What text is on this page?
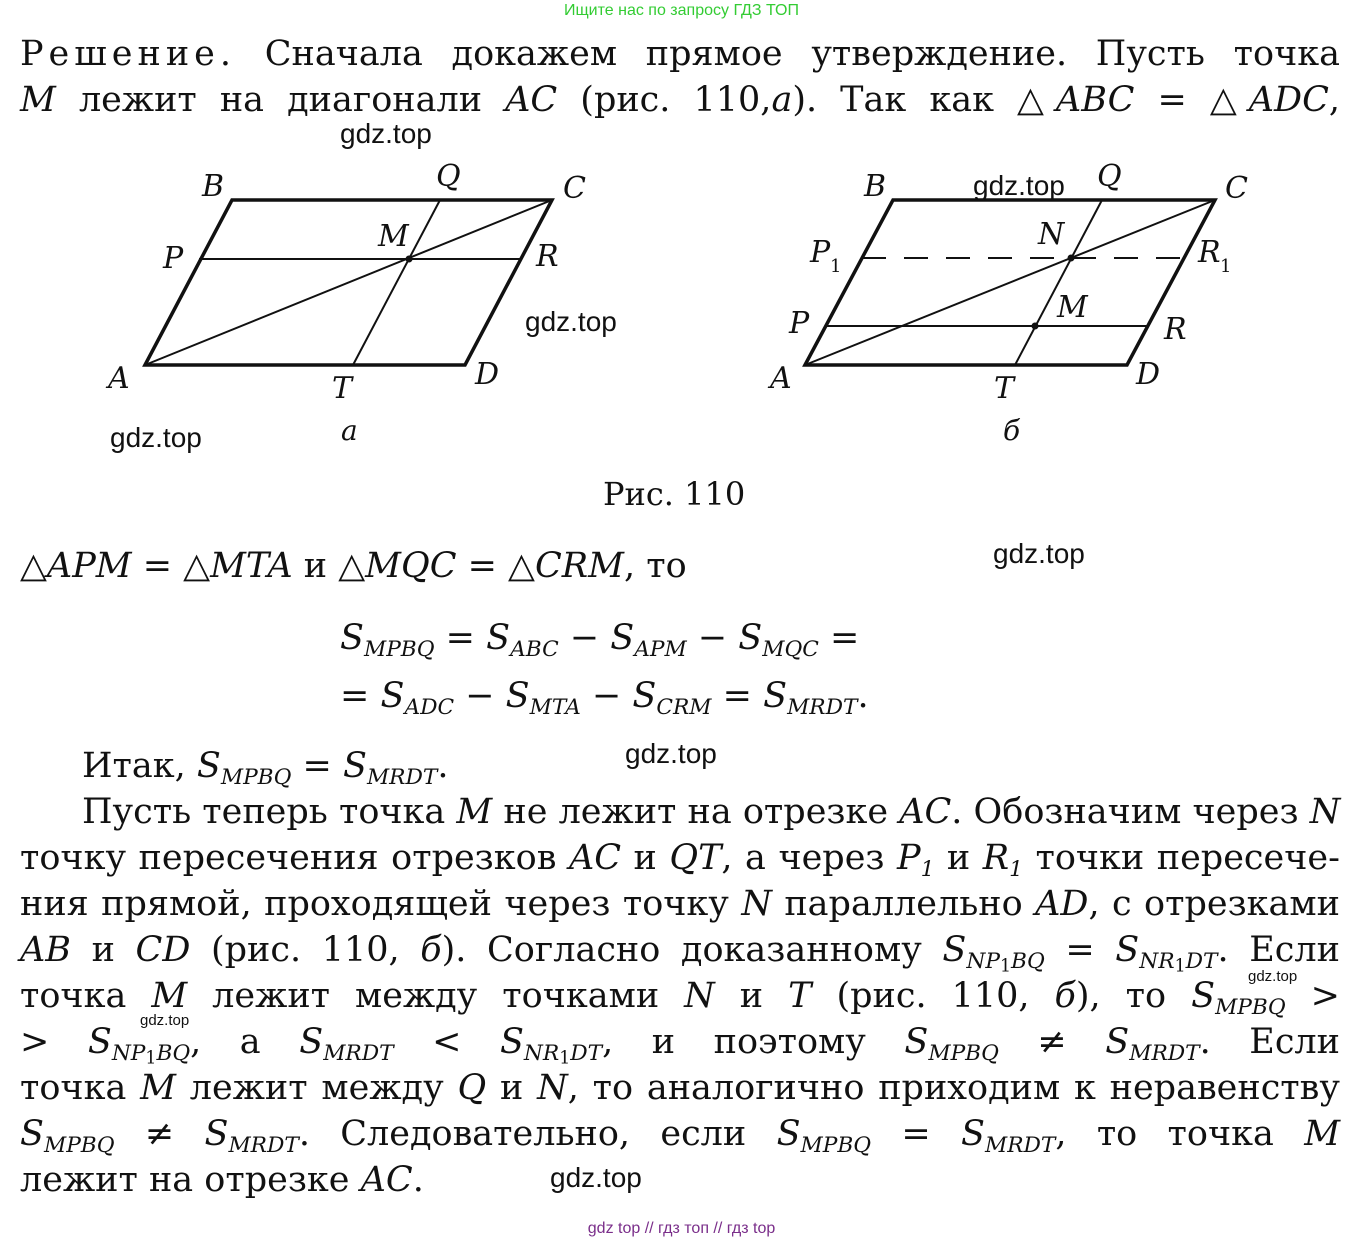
Ищите нас по запросу ГДЗ ТОП
Решение. Сначала докажем прямое утверждение. Пусть точка
M лежит на диагонали AC (рис. 110,а). Так как △ABC = △ADC,
A
B	C
D
P
Q
R
T
M
а
A
B	C
D
P
Q
R
T
M
N
P 1	R 1
б
Рис. 110
△APM = △MTA и △MQC = △CRM, то
$S_{MPBQ} = S_{ABC} - S_{APM} - S_{MQC}$ =
= $S_{ADC} - S_{MTA} - S_{CRM} = S_{MRDT}$.
Итак, $S_{MPBQ} = S_{MRDT}$.
Пусть теперь точка M не лежит на отрезке AC. Обозначим через N
точку пересечения отрезков AC и QT, а через $P_1$ и $R_1$ точки пересече-
ния прямой, проходящей через точку N параллельно AD, с отрезками
AB и CD (рис. 110, б). Согласно доказанному $S_{NP_1BQ} = S_{NR_1DT}$. Если
точка M лежит между точками N и T (рис. 110, б), то $S_{MPBQ}$ >
> $S_{NP_1BQ}$, а $S_{MRDT} < S_{NR_1DT}$, и поэтому $S_{MPBQ} \ne S_{MRDT}$. Если
точка M лежит между Q и N, то аналогично приходим к неравенству
$S_{MPBQ} \ne S_{MRDT}$. Следовательно, если $S_{MPBQ} = S_{MRDT}$, то точка M
лежит на отрезке AC.
gdz.top
gdz.top
gdz.top
gdz.top
gdz.top
gdz.top
gdz.top
gdz.top
gdz.top
gdz top // гдз топ // гдз top
